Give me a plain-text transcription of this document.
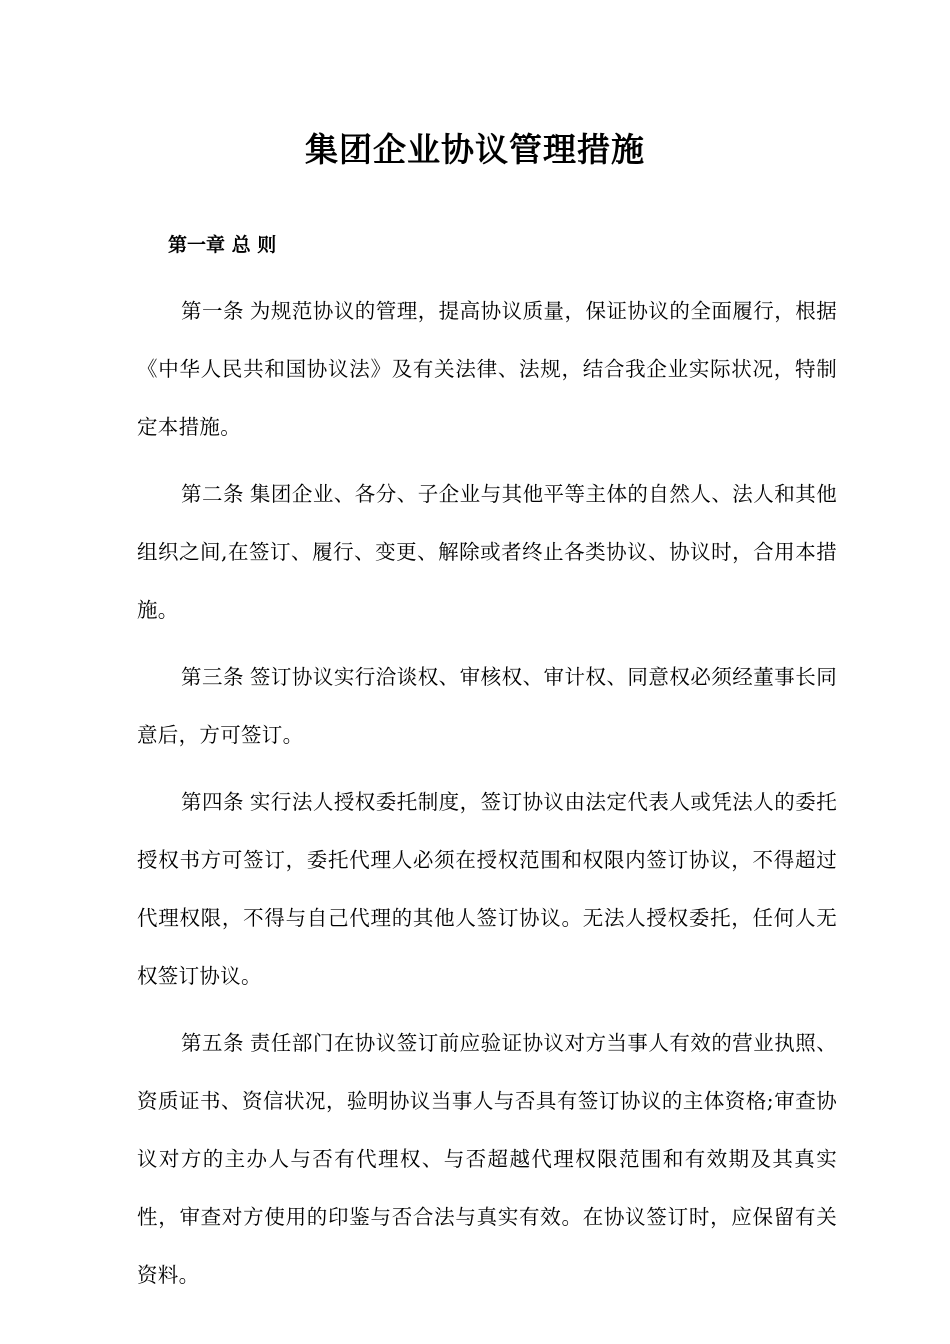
集团企业协议管理措施
第一章 总 则

第一条 为规范协议的管理，提高协议质量，保证协议的全面履行，根据《中华人民共和国协议法》及有关法律、法规，结合我企业实际状况，特制定本措施。

第二条 集团企业、各分、子企业与其他平等主体的自然人、法人和其他组织之间,在签订、履行、变更、解除或者终止各类协议、协议时，合用本措施。

第三条 签订协议实行洽谈权、审核权、审计权、同意权必须经董事长同意后，方可签订。

第四条 实行法人授权委托制度，签订协议由法定代表人或凭法人的委托授权书方可签订，委托代理人必须在授权范围和权限内签订协议，不得超过代理权限，不得与自己代理的其他人签订协议。无法人授权委托，任何人无权签订协议。

第五条 责任部门在协议签订前应验证协议对方当事人有效的营业执照、资质证书、资信状况，验明协议当事人与否具有签订协议的主体资格;审查协议对方的主办人与否有代理权、与否超越代理权限范围和有效期及其真实性，审查对方使用的印鉴与否合法与真实有效。在协议签订时，应保留有关资料。
